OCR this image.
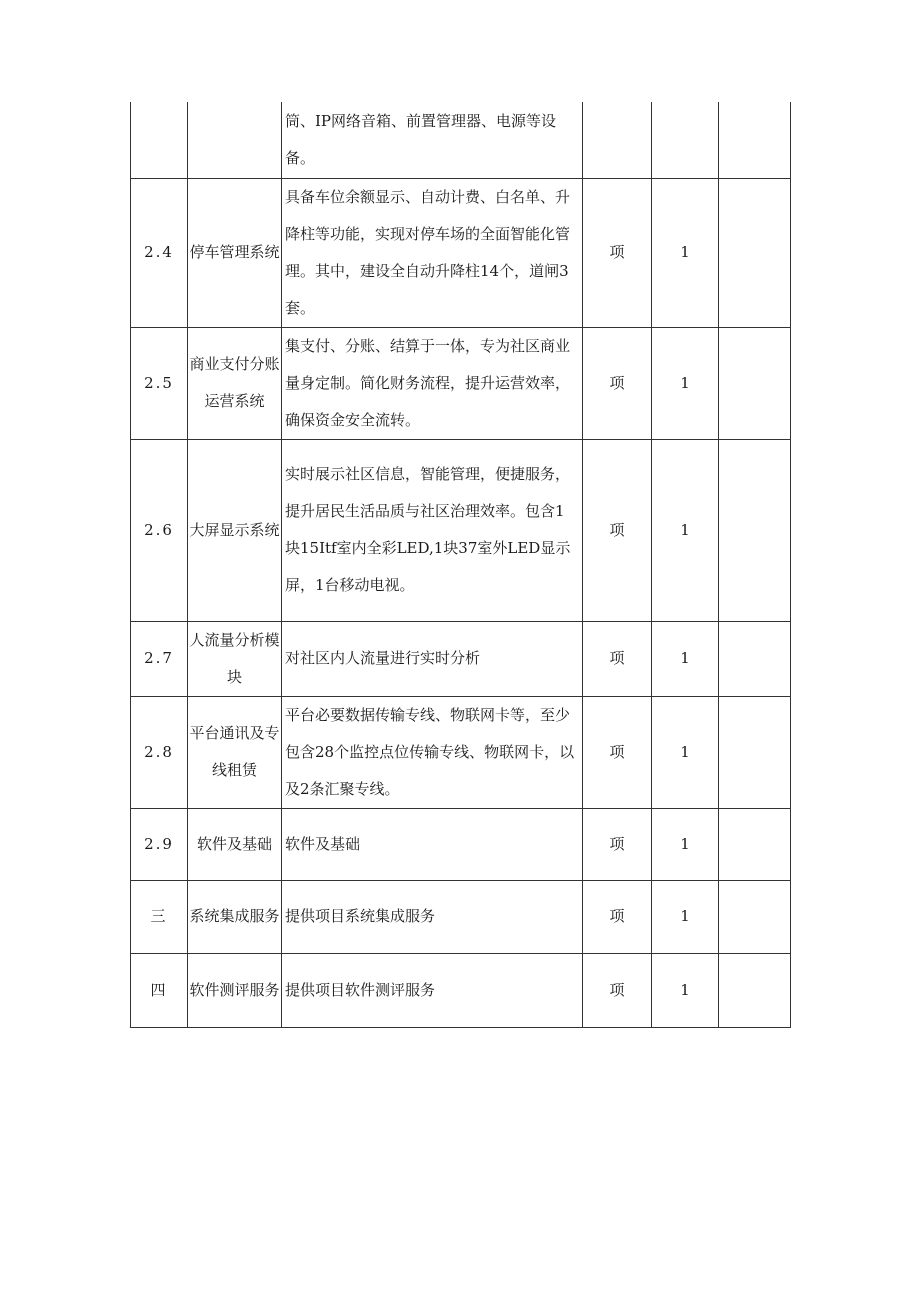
		筒、IP网络音箱、前置管理器、电源等设备。			
2.4	停车管理系统	具备车位余额显示、自动计费、白名单、升降柱等功能，实现对停车场的全面智能化管理。其中，建设全自动升降柱14个，道闸3套。	项	1	
2.5	商业支付分账运营系统	集支付、分账、结算于一体，专为社区商业量身定制。简化财务流程，提升运营效率，确保资金安全流转。	项	1	
2.6	大屏显示系统	实时展示社区信息，智能管理，便捷服务，提升居民生活品质与社区治理效率。包含1块15Itf室内全彩LED,1块37室外LED显示屏，1台移动电视。	项	1	
2.7	人流量分析模块	对社区内人流量进行实时分析	项	1	
2.8	平台通讯及专线租赁	平台必要数据传输专线、物联网卡等，至少包含28个监控点位传输专线、物联网卡，以及2条汇聚专线。	项	1	
2.9	软件及基础	软件及基础	项	1	
三	系统集成服务	提供项目系统集成服务	项	1	
四	软件测评服务	提供项目软件测评服务	项	1	
